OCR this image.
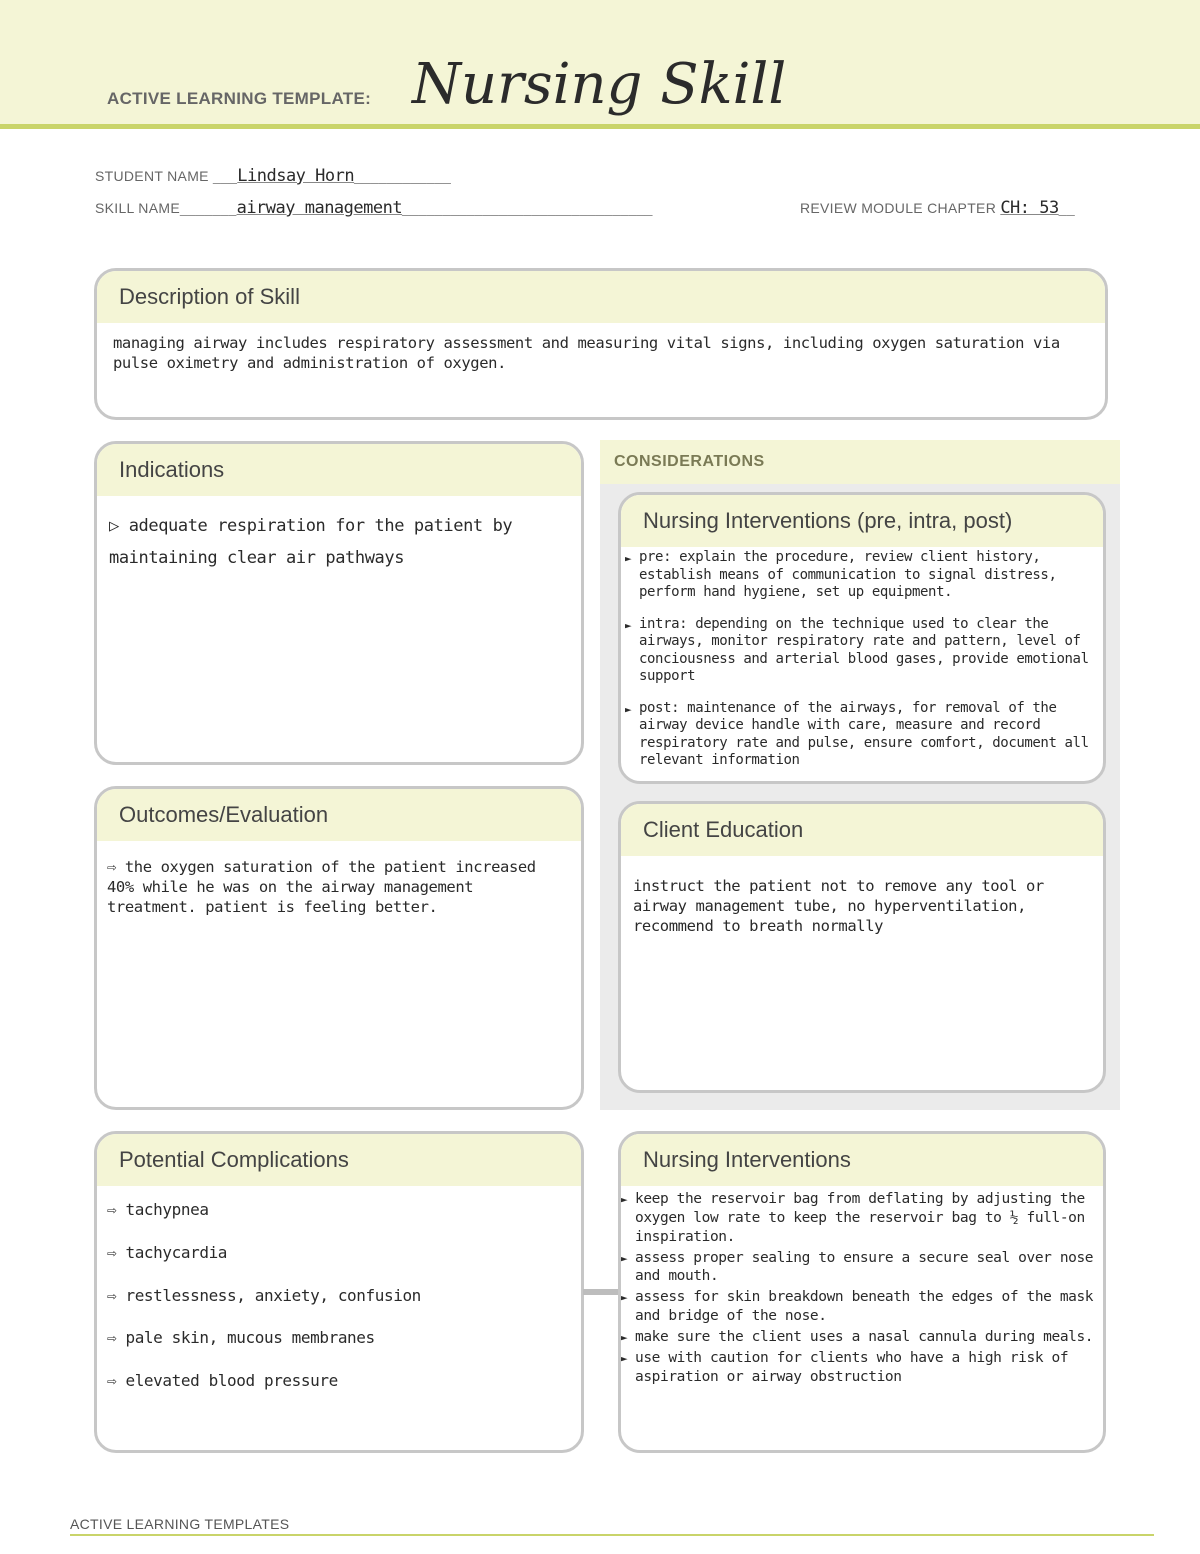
ACTIVE LEARNING TEMPLATE: Nursing Skill
STUDENT NAME ___Lindsay Horn____________
SKILL NAME_______airway management_______________________________	REVIEW MODULE CHAPTER CH: 53__
Description of Skill
managing airway includes respiratory assessment and measuring vital signs, including oxygen saturation via pulse oximetry and administration of oxygen.
Indications
▷ adequate respiration for the patient by maintaining clear air pathways
Outcomes/Evaluation
⇨ the oxygen saturation of the patient increased 40% while he was on the airway management treatment. patient is feeling better.
CONSIDERATIONS
Nursing Interventions (pre, intra, post)
► pre: explain the procedure, review client history, establish means of communication to signal distress, perform hand hygiene, set up equipment.
► intra: depending on the technique used to clear the airways, monitor respiratory rate and pattern, level of conciousness and arterial blood gases, provide emotional support
► post: maintenance of the airways, for removal of the airway device handle with care, measure and record respiratory rate and pulse, ensure comfort, document all relevant information
Client Education
instruct the patient not to remove any tool or airway management tube, no hyperventilation, recommend to breath normally
Potential Complications
⇨ tachypnea
⇨ tachycardia
⇨ restlessness, anxiety, confusion
⇨ pale skin, mucous membranes
⇨ elevated blood pressure
Nursing Interventions
► keep the reservoir bag from deflating by adjusting the oxygen low rate to keep the reservoir bag to ½ full-on inspiration.
► assess proper sealing to ensure a secure seal over nose and mouth.
► assess for skin breakdown beneath the edges of the mask and bridge of the nose.
► make sure the client uses a nasal cannula during meals.
► use with caution for clients who have a high risk of aspiration or airway obstruction
ACTIVE LEARNING TEMPLATES
